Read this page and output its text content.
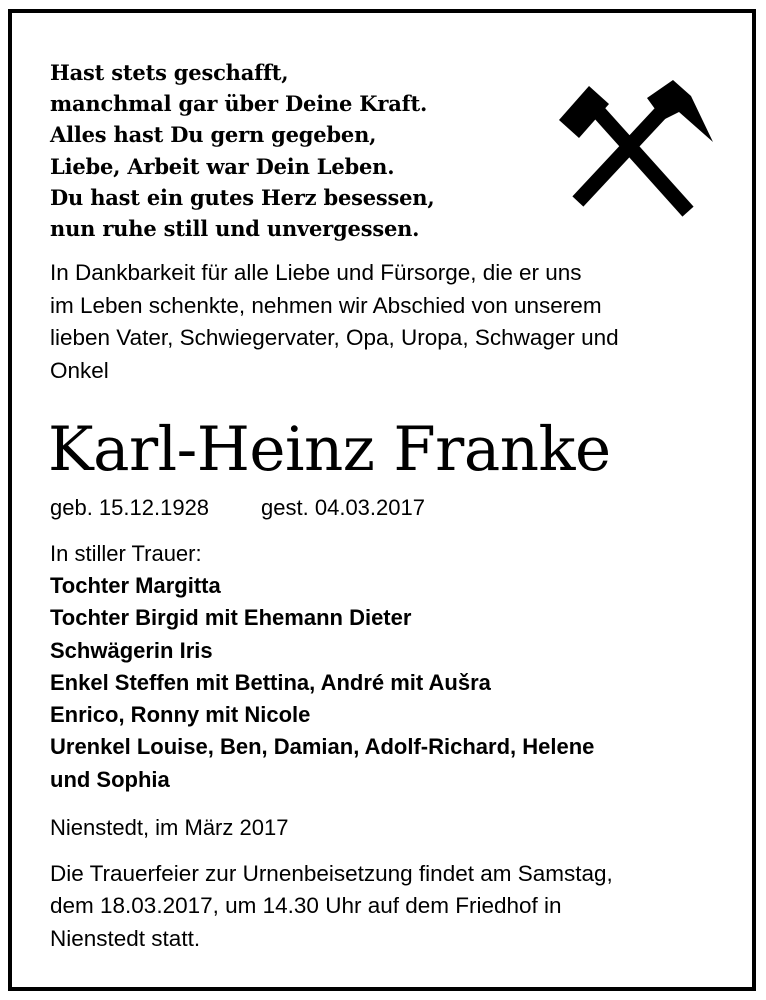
Hast stets geschafft,
manchmal gar über Deine Kraft.
Alles hast Du gern gegeben,
Liebe, Arbeit war Dein Leben.
Du hast ein gutes Herz besessen,
nun ruhe still und unvergessen.
In Dankbarkeit für alle Liebe und Fürsorge, die er uns
im Leben schenkte, nehmen wir Abschied von unserem
lieben Vater, Schwiegervater, Opa, Uropa, Schwager und
Onkel
Karl-Heinz Franke
geb. 15.12.1928 gest. 04.03.2017
In stiller Trauer:
Tochter Margitta
Tochter Birgid mit Ehemann Dieter
Schwägerin Iris
Enkel Steffen mit Bettina, André mit Aušra
Enrico, Ronny mit Nicole
Urenkel Louise, Ben, Damian, Adolf-Richard, Helene
und Sophia
Nienstedt, im März 2017
Die Trauerfeier zur Urnenbeisetzung findet am Samstag,
dem 18.03.2017, um 14.30 Uhr auf dem Friedhof in
Nienstedt statt.
